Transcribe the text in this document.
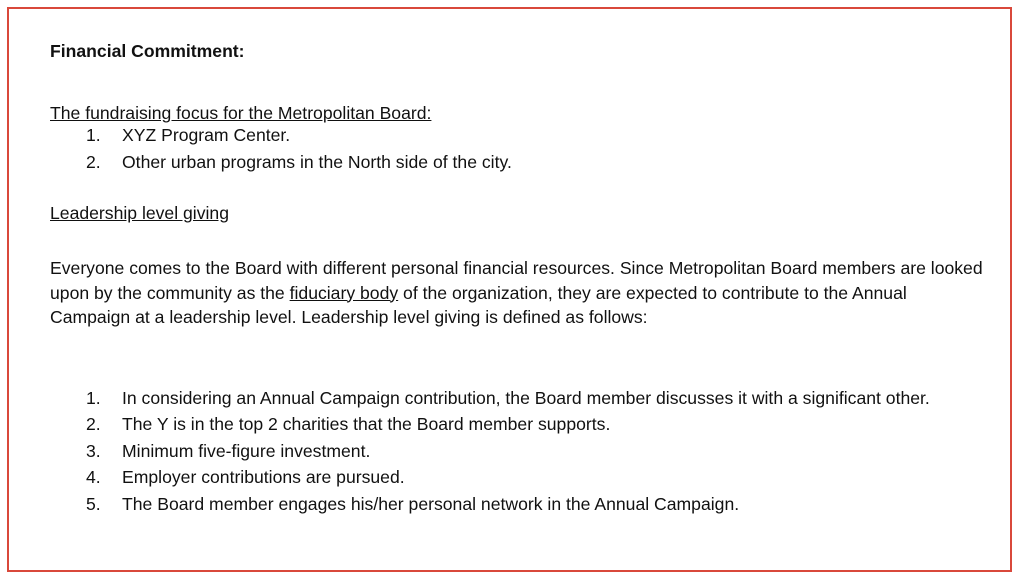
Financial Commitment:
The fundraising focus for the Metropolitan Board:
1. XYZ Program Center.
2. Other urban programs in the North side of the city.
Leadership level giving
Everyone comes to the Board with different personal financial resources. Since Metropolitan Board members are looked upon by the community as the fiduciary body of the organization, they are expected to contribute to the Annual Campaign at a leadership level. Leadership level giving is defined as follows:
1. In considering an Annual Campaign contribution, the Board member discusses it with a significant other.
2. The Y is in the top 2 charities that the Board member supports.
3. Minimum five-figure investment.
4. Employer contributions are pursued.
5. The Board member engages his/her personal network in the Annual Campaign.
